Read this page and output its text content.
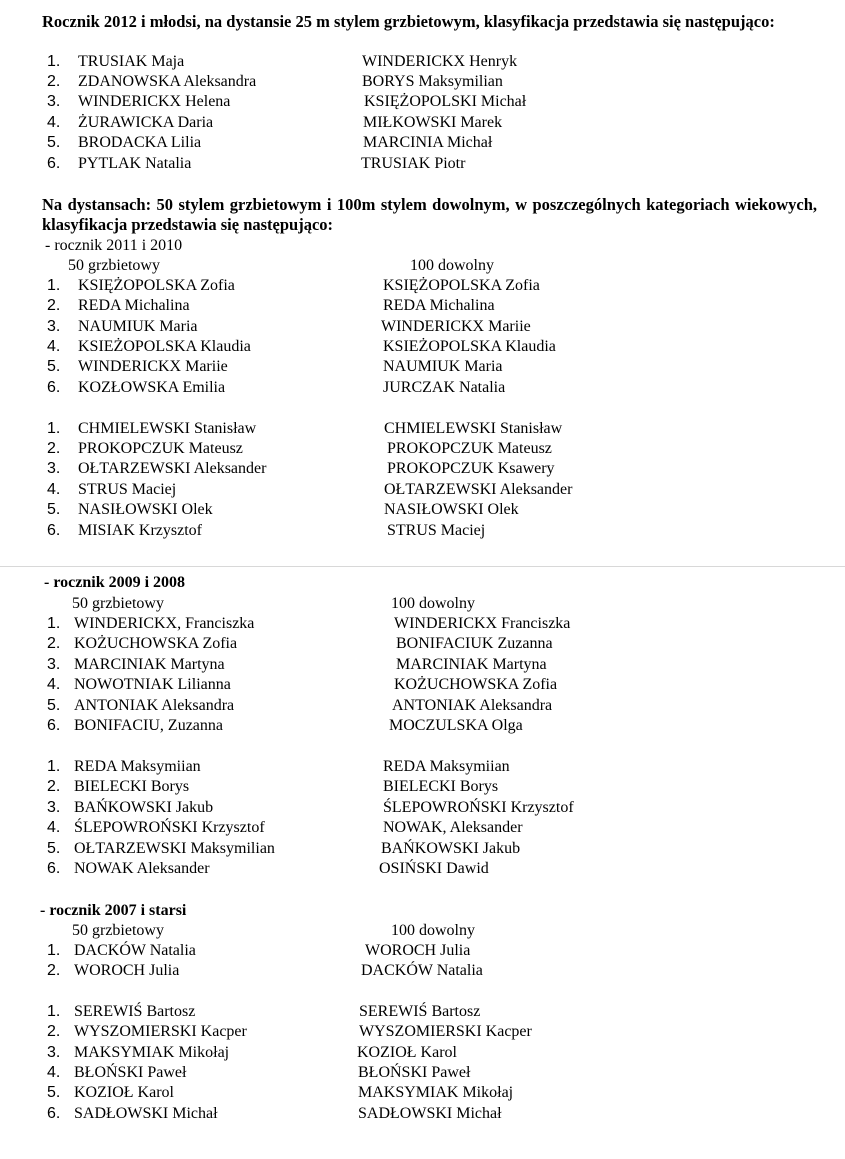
Rocznik 2012 i młodsi, na dystansie 25 m stylem grzbietowym, klasyfikacja przedstawia się następująco:
1. TRUSIAK Maja	WINDERICKX Henryk
2. ZDANOWSKA Aleksandra	BORYS Maksymilian
3. WINDERICKX Helena	KSIĘŻOPOLSKI Michał
4. ŻURAWICKA Daria	MIŁKOWSKI Marek
5. BRODACKA Lilia	MARCINIA Michał
6. PYTLAK Natalia	TRUSIAK Piotr
Na dystansach: 50 stylem grzbietowym i 100m stylem dowolnym, w poszczególnych kategoriach wiekowych, klasyfikacja przedstawia się następująco:
- rocznik 2011 i 2010
50 grzbietowy	100 dowolny
1. KSIĘŻOPOLSKA Zofia	KSIĘŻOPOLSKA Zofia
2. REDA Michalina	REDA Michalina
3. NAUMIUK Maria	WINDERICKX Mariie
4. KSIEŻOPOLSKA Klaudia	KSIEŻOPOLSKA Klaudia
5. WINDERICKX Mariie	NAUMIUK Maria
6. KOZŁOWSKA Emilia	JURCZAK Natalia
1. CHMIELEWSKI Stanisław	CHMIELEWSKI Stanisław
2. PROKOPCZUK Mateusz	PROKOPCZUK Mateusz
3. OŁTARZEWSKI Aleksander	PROKOPCZUK Ksawery
4. STRUS Maciej	OŁTARZEWSKI Aleksander
5. NASIŁOWSKI Olek	NASIŁOWSKI Olek
6. MISIAK Krzysztof	STRUS Maciej
- rocznik 2009 i 2008
50 grzbietowy	100 dowolny
1. WINDERICKX, Franciszka	WINDERICKX Franciszka
2. KOŻUCHOWSKA Zofia	BONIFACIUK Zuzanna
3. MARCINIAK Martyna	MARCINIAK Martyna
4. NOWOTNIAK Lilianna	KOŻUCHOWSKA Zofia
5. ANTONIAK Aleksandra	ANTONIAK Aleksandra
6. BONIFACIU, Zuzanna	MOCZULSKA Olga
1. REDA Maksymiian	REDA Maksymiian
2. BIELECKI Borys	BIELECKI Borys
3. BAŃKOWSKI Jakub	ŚLEPOWROŃSKI Krzysztof
4. ŚLEPOWROŃSKI Krzysztof	NOWAK, Aleksander
5. OŁTARZEWSKI Maksymilian	BAŃKOWSKI Jakub
6. NOWAK Aleksander	OSIŃSKI Dawid
- rocznik 2007 i starsi
50 grzbietowy	100 dowolny
1. DACKÓW Natalia	WOROCH Julia
2. WOROCH Julia	DACKÓW Natalia
1. SEREWIŚ Bartosz	SEREWIŚ Bartosz
2. WYSZOMIERSKI Kacper	WYSZOMIERSKI Kacper
3. MAKSYMIAK Mikołaj	KOZIOŁ Karol
4. BŁOŃSKI Paweł	BŁOŃSKI Paweł
5. KOZIOŁ Karol	MAKSYMIAK Mikołaj
6. SADŁOWSKI Michał	SADŁOWSKI Michał
